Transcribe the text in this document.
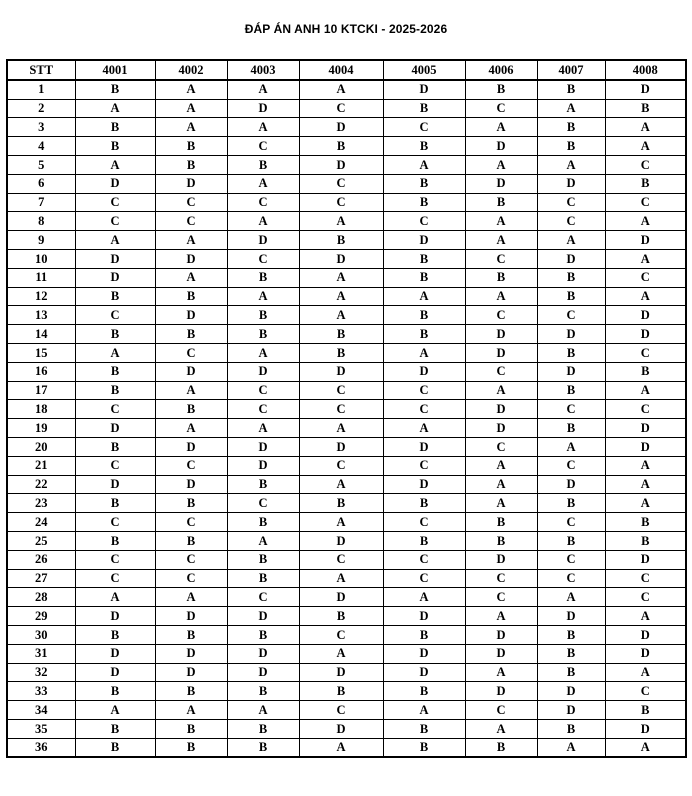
ĐÁP ÁN ANH 10 KTCKI - 2025-2026
STT	4001	4002	4003	4004	4005	4006	4007	4008
1	B	A	A	A	D	B	B	D
2	A	A	D	C	B	C	A	B
3	B	A	A	D	C	A	B	A
4	B	B	C	B	B	D	B	A
5	A	B	B	D	A	A	A	C
6	D	D	A	C	B	D	D	B
7	C	C	C	C	B	B	C	C
8	C	C	A	A	C	A	C	A
9	A	A	D	B	D	A	A	D
10	D	D	C	D	B	C	D	A
11	D	A	B	A	B	B	B	C
12	B	B	A	A	A	A	B	A
13	C	D	B	A	B	C	C	D
14	B	B	B	B	B	D	D	D
15	A	C	A	B	A	D	B	C
16	B	D	D	D	D	C	D	B
17	B	A	C	C	C	A	B	A
18	C	B	C	C	C	D	C	C
19	D	A	A	A	A	D	B	D
20	B	D	D	D	D	C	A	D
21	C	C	D	C	C	A	C	A
22	D	D	B	A	D	A	D	A
23	B	B	C	B	B	A	B	A
24	C	C	B	A	C	B	C	B
25	B	B	A	D	B	B	B	B
26	C	C	B	C	C	D	C	D
27	C	C	B	A	C	C	C	C
28	A	A	C	D	A	C	A	C
29	D	D	D	B	D	A	D	A
30	B	B	B	C	B	D	B	D
31	D	D	D	A	D	D	B	D
32	D	D	D	D	D	A	B	A
33	B	B	B	B	B	D	D	C
34	A	A	A	C	A	C	D	B
35	B	B	B	D	B	A	B	D
36	B	B	B	A	B	B	A	A
